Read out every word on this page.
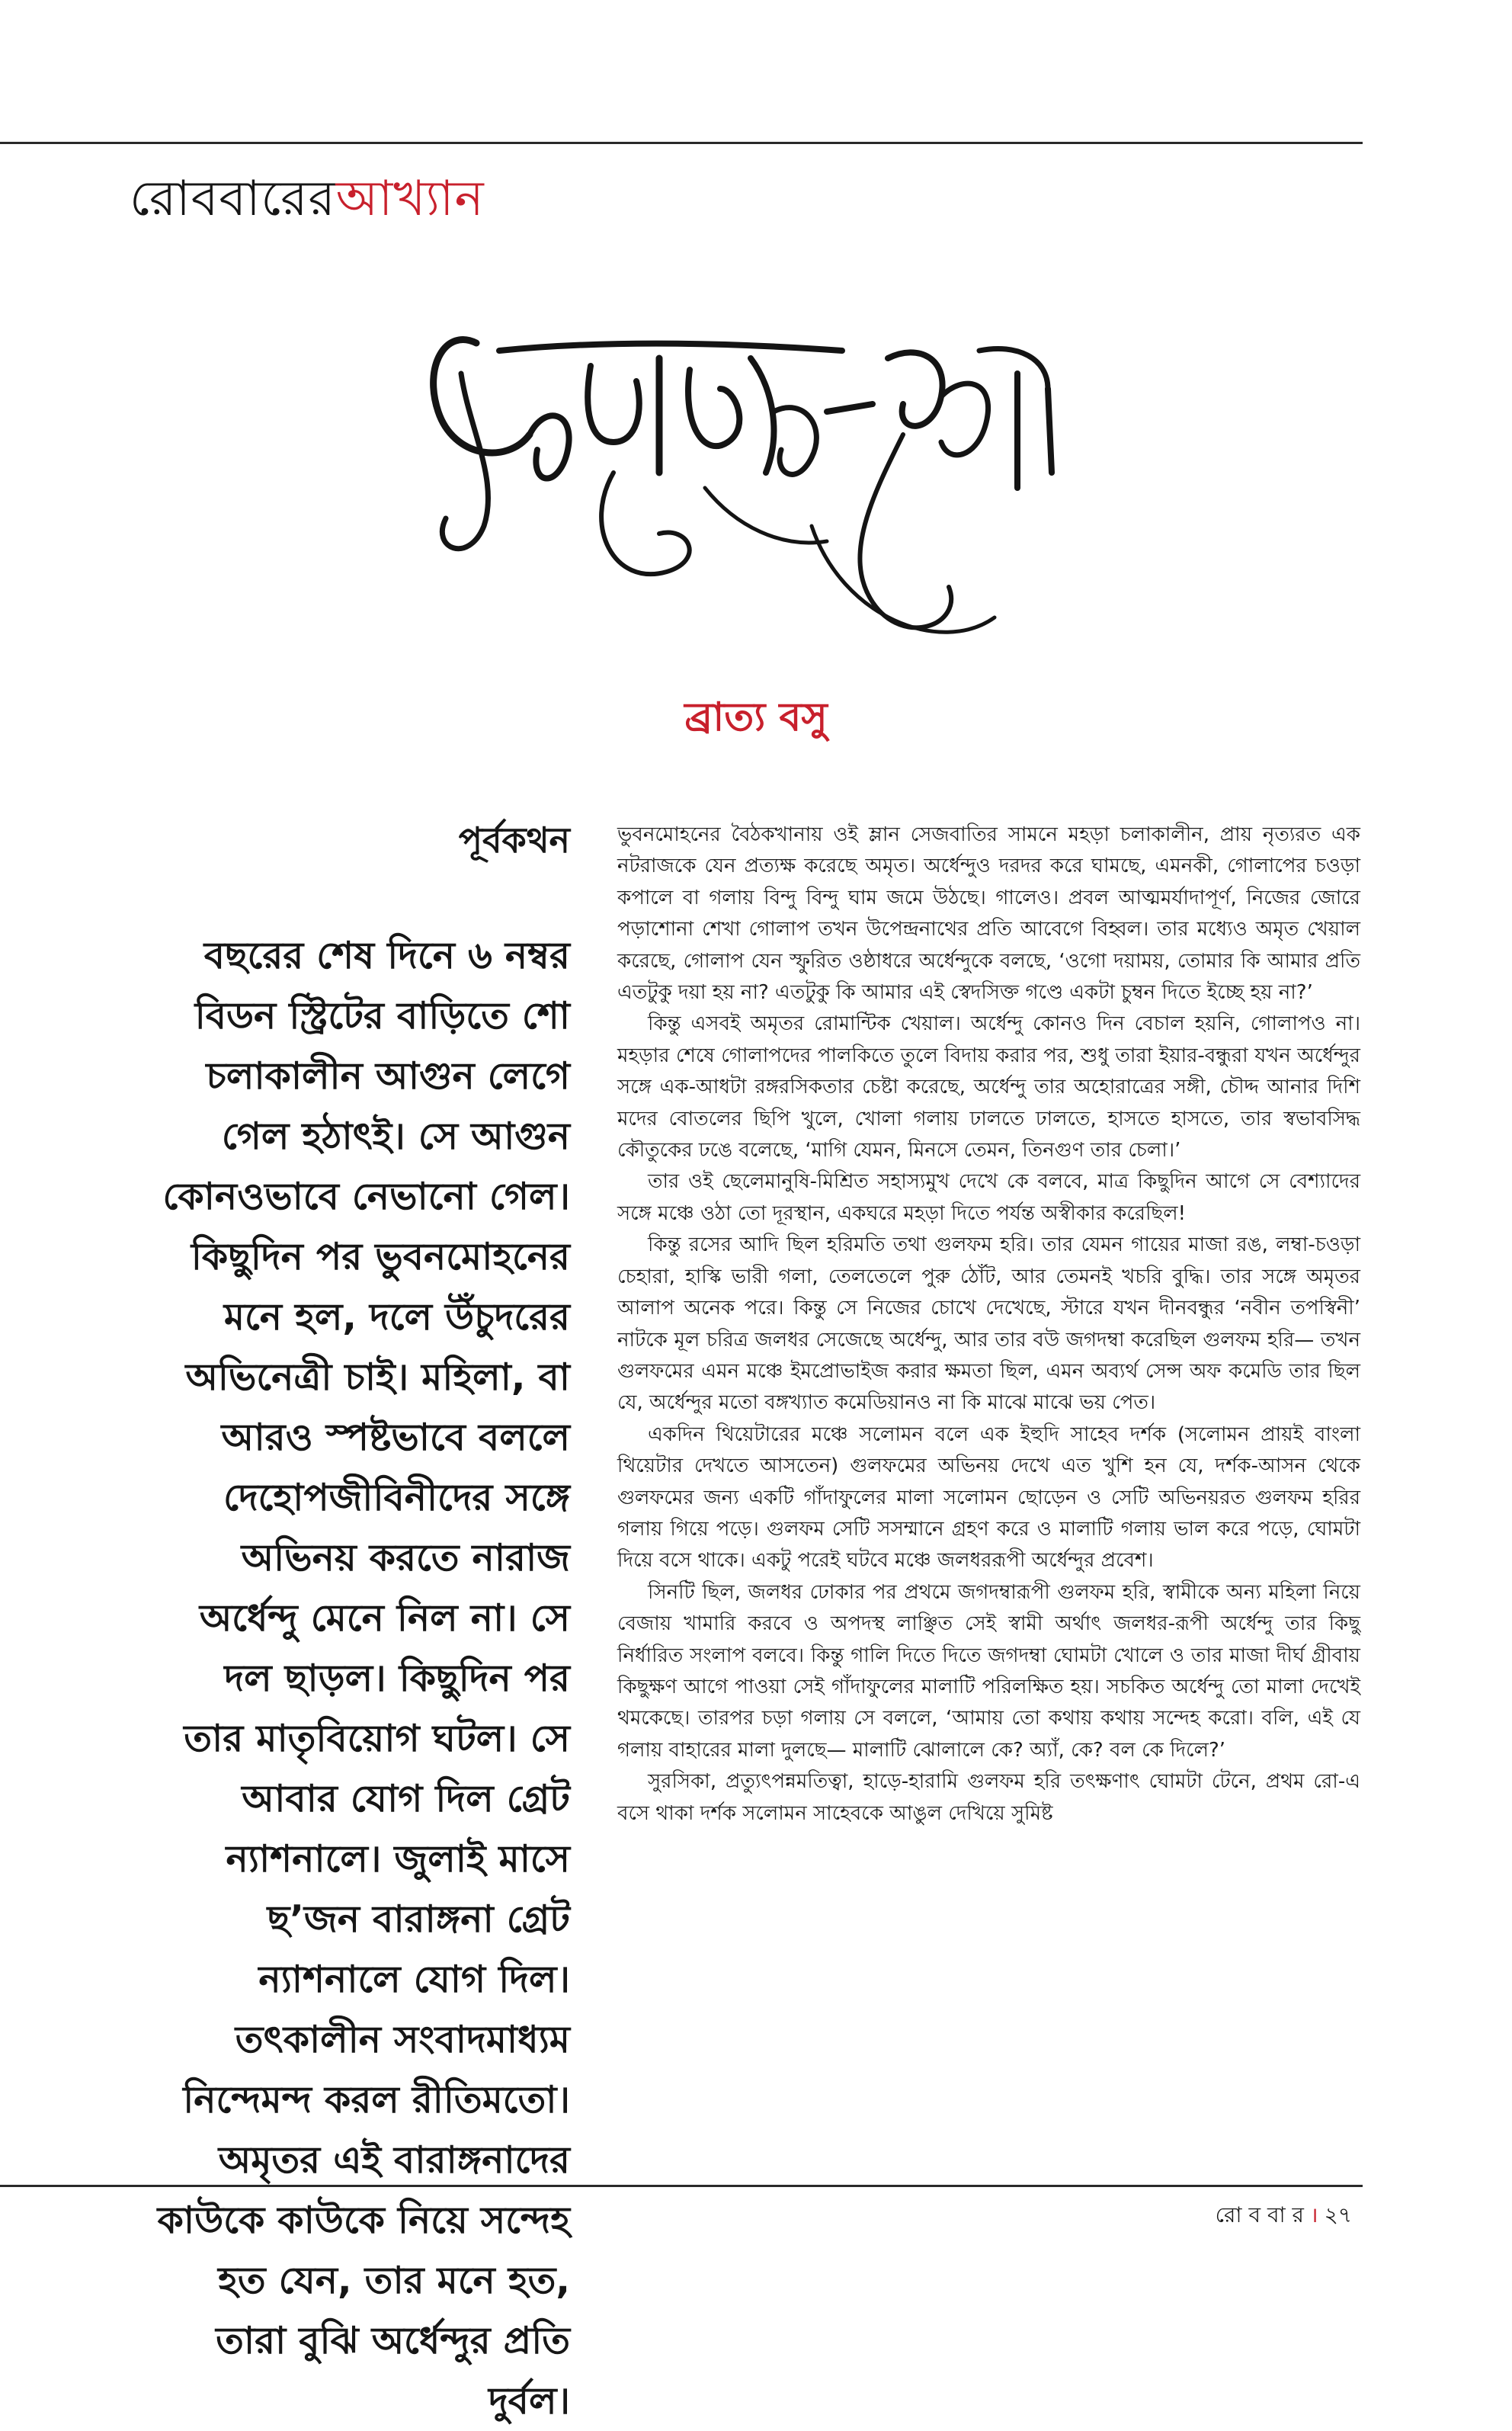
রোববারেরআখ্যান
ব্রাত্য বসু
পূর্বকথন

বছরের শেষ দিনে ৬ নম্বর বিডন স্ট্রিটের বাড়িতে শো চলাকালীন আগুন লেগে গেল হঠাৎই। সে আগুন কোনওভাবে নেভানো গেল। কিছুদিন পর ভুবনমোহনের মনে হল, দলে উঁচুদরের অভিনেত্রী চাই। মহিলা, বা আরও স্পষ্টভাবে বললে দেহোপজীবিনীদের সঙ্গে অভিনয় করতে নারাজ অর্ধেন্দু মেনে নিল না। সে দল ছাড়ল। কিছুদিন পর তার মাতৃবিয়োগ ঘটল। সে আবার যোগ দিল গ্রেট ন্যাশনালে। জুলাই মাসে ছ’জন বারাঙ্গনা গ্রেট ন্যাশনালে যোগ দিল। তৎকালীন সংবাদমাধ্যম নিন্দেমন্দ করল রীতিমতো। অমৃতর এই বারাঙ্গনাদের কাউকে কাউকে নিয়ে সন্দেহ হত যেন, তার মনে হত, তারা বুঝি অর্ধেন্দুর প্রতি দুর্বল।

ভুবনমোহনের বৈঠকখানায় ওই ম্লান সেজবাতির সামনে মহড়া চলাকালীন, প্রায় নৃত্যরত এক নটরাজকে যেন প্রত্যক্ষ করেছে অমৃত। অর্ধেন্দুও দরদর করে ঘামছে, এমনকী, গোলাপের চওড়া কপালে বা গলায় বিন্দু বিন্দু ঘাম জমে উঠছে। গালেও। প্রবল আত্মমর্যাদাপূর্ণ, নিজের জোরে পড়াশোনা শেখা গোলাপ তখন উপেন্দ্রনাথের প্রতি আবেগে বিহ্বল। তার মধ্যেও অমৃত খেয়াল করেছে, গোলাপ যেন স্ফুরিত ওষ্ঠাধরে অর্ধেন্দুকে বলছে, ‘ওগো দয়াময়, তোমার কি আমার প্রতি এতটুকু দয়া হয় না? এতটুকু কি আমার এই স্বেদসিক্ত গণ্ডে একটা চুম্বন দিতে ইচ্ছে হয় না?’

কিন্তু এসবই অমৃতর রোমান্টিক খেয়াল। অর্ধেন্দু কোনও দিন বেচাল হয়নি, গোলাপও না। মহড়ার শেষে গোলাপদের পালকিতে তুলে বিদায় করার পর, শুধু তারা ইয়ার-বন্ধুরা যখন অর্ধেন্দুর সঙ্গে এক-আধটা রঙ্গরসিকতার চেষ্টা করেছে, অর্ধেন্দু তার অহোরাত্রের সঙ্গী, চৌদ্দ আনার দিশি মদের বোতলের ছিপি খুলে, খোলা গলায় ঢালতে ঢালতে, হাসতে হাসতে, তার স্বভাবসিদ্ধ কৌতুকের ঢঙে বলেছে, ‘মাগি যেমন, মিনসে তেমন, তিনগুণ তার চেলা।’

তার ওই ছেলেমানুষি-মিশ্রিত সহাস্যমুখ দেখে কে বলবে, মাত্র কিছুদিন আগে সে বেশ্যাদের সঙ্গে মঞ্চে ওঠা তো দূরস্থান, একঘরে মহড়া দিতে পর্যন্ত অস্বীকার করেছিল!

কিন্তু রসের আদি ছিল হরিমতি তথা গুলফম হরি। তার যেমন গায়ের মাজা রঙ, লম্বা-চওড়া চেহারা, হাস্কি ভারী গলা, তেলতেলে পুরু ঠোঁট, আর তেমনই খচরি বুদ্ধি। তার সঙ্গে অমৃতর আলাপ অনেক পরে। কিন্তু সে নিজের চোখে দেখেছে, স্টারে যখন দীনবন্ধুর ‘নবীন তপস্বিনী’ নাটকে মূল চরিত্র জলধর সেজেছে অর্ধেন্দু, আর তার বউ জগদম্বা করেছিল গুলফম হরি— তখন গুলফমের এমন মঞ্চে ইমপ্রোভাইজ করার ক্ষমতা ছিল, এমন অব্যর্থ সেন্স অফ কমেডি তার ছিল যে, অর্ধেন্দুর মতো বঙ্গখ্যাত কমেডিয়ানও না কি মাঝে মাঝে ভয় পেত।

একদিন থিয়েটারের মঞ্চে সলোমন বলে এক ইহুদি সাহেব দর্শক (সলোমন প্রায়ই বাংলা থিয়েটার দেখতে আসতেন) গুলফমের অভিনয় দেখে এত খুশি হন যে, দর্শক-আসন থেকে গুলফমের জন্য একটি গাঁদাফুলের মালা সলোমন ছোড়েন ও সেটি অভিনয়রত গুলফম হরির গলায় গিয়ে পড়ে। গুলফম সেটি সসম্মানে গ্রহণ করে ও মালাটি গলায় ভাল করে পড়ে, ঘোমটা দিয়ে বসে থাকে। একটু পরেই ঘটবে মঞ্চে জলধররূপী অর্ধেন্দুর প্রবেশ।

সিনটি ছিল, জলধর ঢোকার পর প্রথমে জগদম্বারূপী গুলফম হরি, স্বামীকে অন্য মহিলা নিয়ে বেজায় খামারি করবে ও অপদস্থ লাঞ্ছিত সেই স্বামী অর্থাৎ জলধর-রূপী অর্ধেন্দু তার কিছু নির্ধারিত সংলাপ বলবে। কিন্তু গালি দিতে দিতে জগদম্বা ঘোমটা খোলে ও তার মাজা দীর্ঘ গ্রীবায় কিছুক্ষণ আগে পাওয়া সেই গাঁদাফুলের মালাটি পরিলক্ষিত হয়। সচকিত অর্ধেন্দু তো মালা দেখেই থমকেছে। তারপর চড়া গলায় সে বললে, ‘আমায় তো কথায় কথায় সন্দেহ করো। বলি, এই যে গলায় বাহারের মালা দুলছে— মালাটি ঝোলালে কে? অ্যাঁ, কে? বল কে দিলে?’

সুরসিকা, প্রত্যুৎপন্নমতিত্বা, হাড়ে-হারামি গুলফম হরি তৎক্ষণাৎ ঘোমটা টেনে, প্রথম রো-এ বসে থাকা দর্শক সলোমন সাহেবকে আঙুল দেখিয়ে সুমিষ্ট

রো ব বা র । ২৭
